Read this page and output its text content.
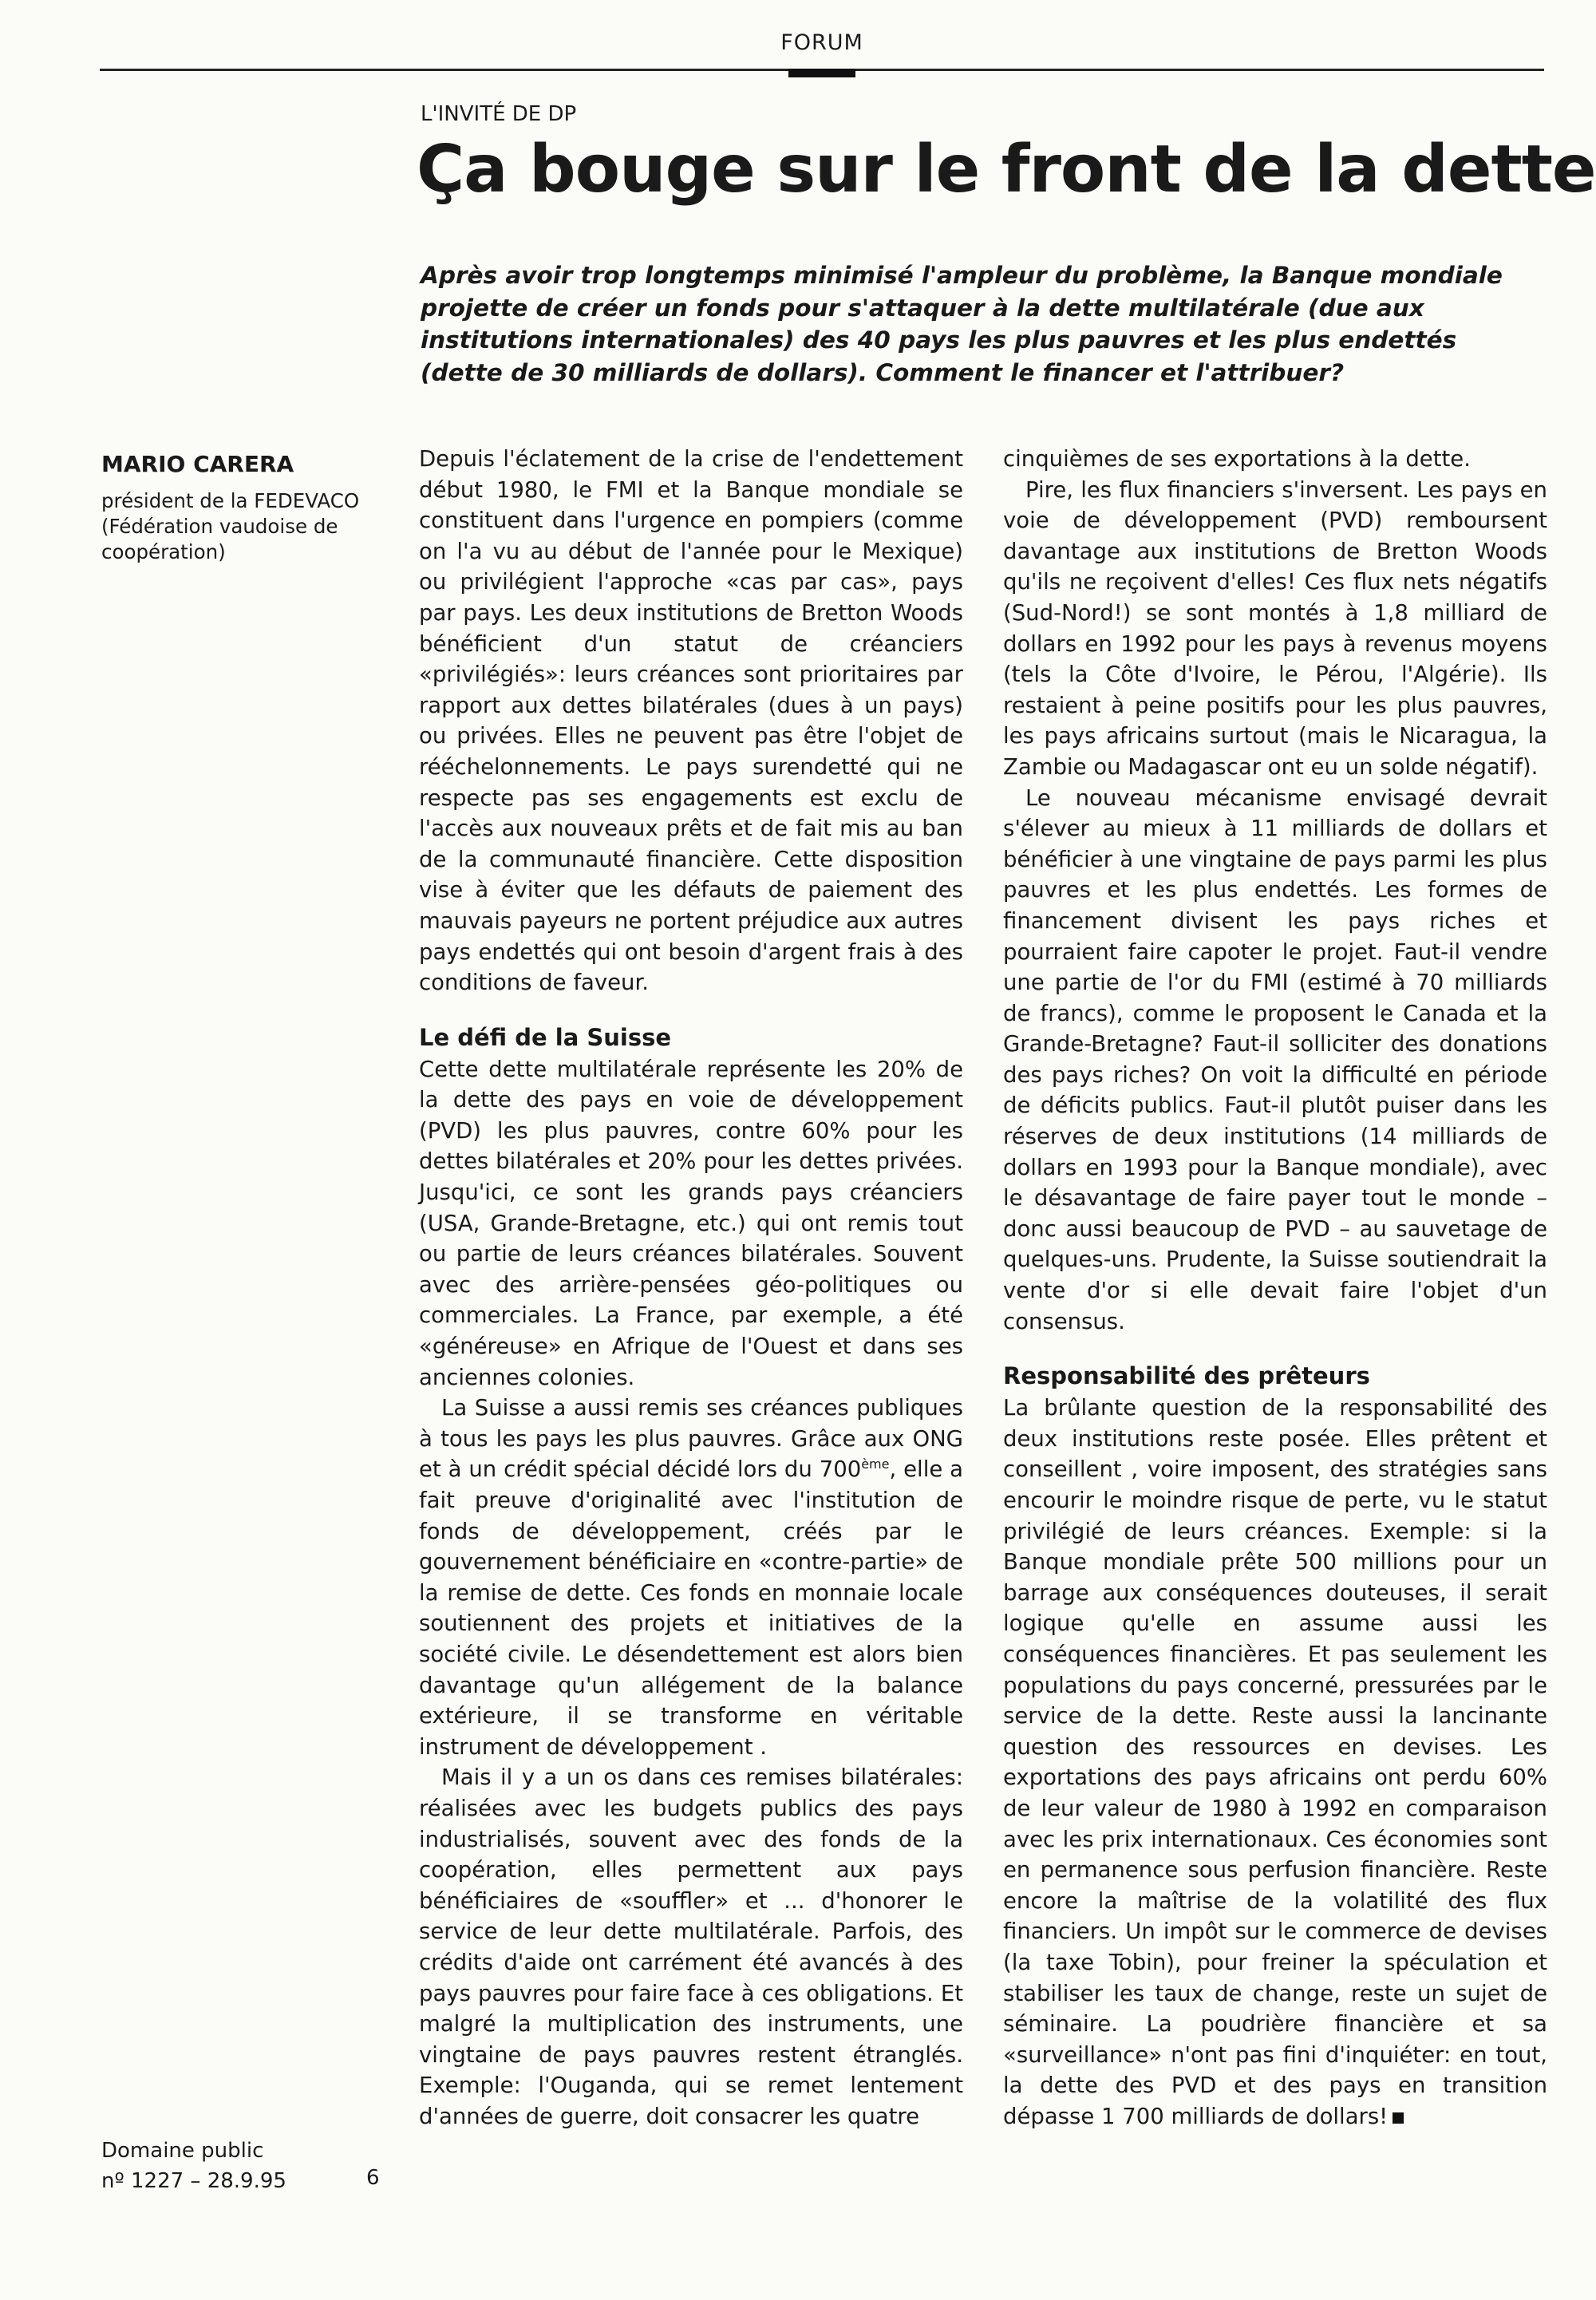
FORUM
L'INVITÉ DE DP
Ça bouge sur le front de la dette

Après avoir trop longtemps minimisé l'ampleur du problème, la Banque mondiale projette de créer un fonds pour s'attaquer à la dette multilatérale (due aux institutions internationales) des 40 pays les plus pauvres et les plus endettés (dette de 30 milliards de dollars). Comment le financer et l'attribuer?

MARIO CARERA
président de la FEDEVACO (Fédération vaudoise de coopération)

Depuis l'éclatement de la crise de l'endettement début 1980, le FMI et la Banque mondiale se constituent dans l'urgence en pompiers (comme on l'a vu au début de l'année pour le Mexique) ou privilégient l'approche «cas par cas», pays par pays. Les deux institutions de Bretton Woods bénéficient d'un statut de créanciers «privilégiés»: leurs créances sont prioritaires par rapport aux dettes bilatérales (dues à un pays) ou privées. Elles ne peuvent pas être l'objet de rééchelonnements. Le pays surendetté qui ne respecte pas ses engagements est exclu de l'accès aux nouveaux prêts et de fait mis au ban de la communauté financière. Cette disposition vise à éviter que les défauts de paiement des mauvais payeurs ne portent préjudice aux autres pays endettés qui ont besoin d'argent frais à des conditions de faveur.

Le défi de la Suisse

Cette dette multilatérale représente les 20% de la dette des pays en voie de développement (PVD) les plus pauvres, contre 60% pour les dettes bilatérales et 20% pour les dettes privées. Jusqu'ici, ce sont les grands pays créanciers (USA, Grande-Bretagne, etc.) qui ont remis tout ou partie de leurs créances bilatérales. Souvent avec des arrière-pensées géo-politiques ou commerciales. La France, par exemple, a été «généreuse» en Afrique de l'Ouest et dans ses anciennes colonies.

La Suisse a aussi remis ses créances publiques à tous les pays les plus pauvres. Grâce aux ONG et à un crédit spécial décidé lors du 700ème, elle a fait preuve d'originalité avec l'institution de fonds de développement, créés par le gouvernement bénéficiaire en «contre-partie» de la remise de dette. Ces fonds en monnaie locale soutiennent des projets et initiatives de la société civile. Le désendettement est alors bien davantage qu'un allégement de la balance extérieure, il se transforme en véritable instrument de développement .

Mais il y a un os dans ces remises bilatérales: réalisées avec les budgets publics des pays industrialisés, souvent avec des fonds de la coopération, elles permettent aux pays bénéficiaires de «souffler» et ... d'honorer le service de leur dette multilatérale. Parfois, des crédits d'aide ont carrément été avancés à des pays pauvres pour faire face à ces obligations. Et malgré la multiplication des instruments, une vingtaine de pays pauvres restent étranglés. Exemple: l'Ouganda, qui se remet lentement d'années de guerre, doit consacrer les quatre

cinquièmes de ses exportations à la dette.

Pire, les flux financiers s'inversent. Les pays en voie de développement (PVD) remboursent davantage aux institutions de Bretton Woods qu'ils ne reçoivent d'elles! Ces flux nets négatifs (Sud-Nord!) se sont montés à 1,8 milliard de dollars en 1992 pour les pays à revenus moyens (tels la Côte d'Ivoire, le Pérou, l'Algérie). Ils restaient à peine positifs pour les plus pauvres, les pays africains surtout (mais le Nicaragua, la Zambie ou Madagascar ont eu un solde négatif).

Le nouveau mécanisme envisagé devrait s'élever au mieux à 11 milliards de dollars et bénéficier à une vingtaine de pays parmi les plus pauvres et les plus endettés. Les formes de financement divisent les pays riches et pourraient faire capoter le projet. Faut-il vendre une partie de l'or du FMI (estimé à 70 milliards de francs), comme le proposent le Canada et la Grande-Bretagne? Faut-il solliciter des donations des pays riches? On voit la difficulté en période de déficits publics. Faut-il plutôt puiser dans les réserves de deux institutions (14 milliards de dollars en 1993 pour la Banque mondiale), avec le désavantage de faire payer tout le monde – donc aussi beaucoup de PVD – au sauvetage de quelques-uns. Prudente, la Suisse soutiendrait la vente d'or si elle devait faire l'objet d'un consensus.

Responsabilité des prêteurs

La brûlante question de la responsabilité des deux institutions reste posée. Elles prêtent et conseillent , voire imposent, des stratégies sans encourir le moindre risque de perte, vu le statut privilégié de leurs créances. Exemple: si la Banque mondiale prête 500 millions pour un barrage aux conséquences douteuses, il serait logique qu'elle en assume aussi les conséquences financières. Et pas seulement les populations du pays concerné, pressurées par le service de la dette. Reste aussi la lancinante question des ressources en devises. Les exportations des pays africains ont perdu 60% de leur valeur de 1980 à 1992 en comparaison avec les prix internationaux. Ces économies sont en permanence sous perfusion financière. Reste encore la maîtrise de la volatilité des flux financiers. Un impôt sur le commerce de devises (la taxe Tobin), pour freiner la spéculation et stabiliser les taux de change, reste un sujet de séminaire. La poudrière financière et sa «surveillance» n'ont pas fini d'inquiéter: en tout, la dette des PVD et des pays en transition dépasse 1 700 milliards de dollars!

Domaine public
nº 1227 – 28.9.95	6
